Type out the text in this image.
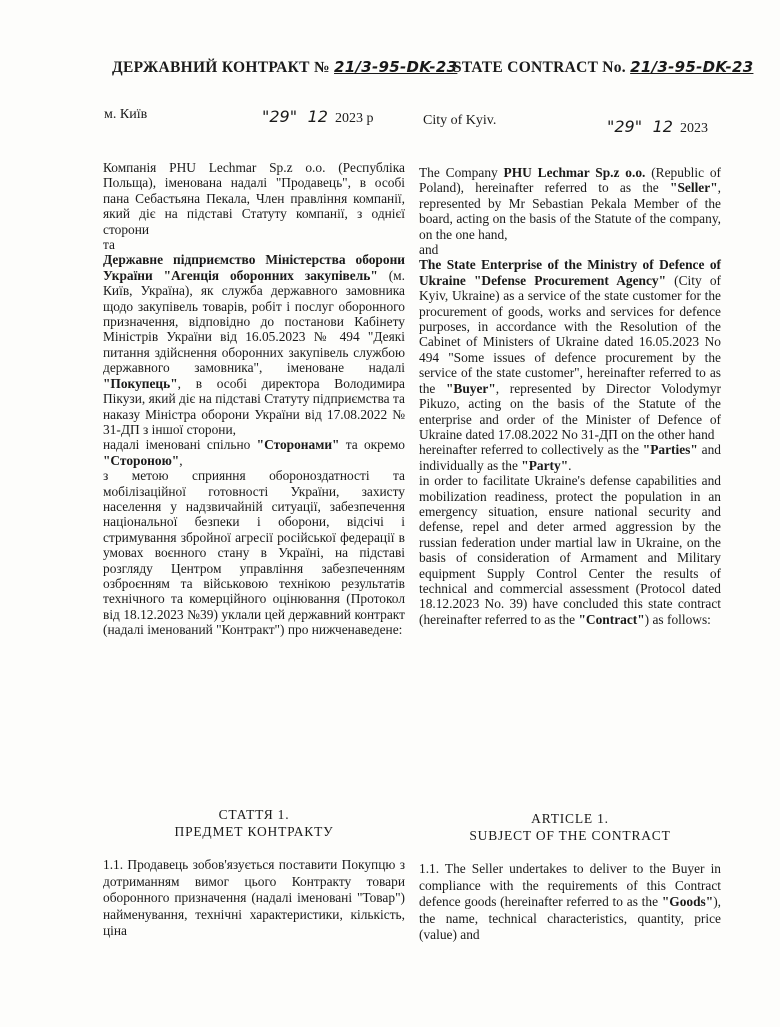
ДЕРЖАВНИЙ КОНТРАКТ № 21/3-95-DK-23
STATE CONTRACT No. 21/3-95-DK-23
м. Київ	"29" 12 2023 р	City of Kyiv.	"29" 12 2023

Компанія PHU Lechmar Sp.z o.o. (Республіка Польща), іменована надалі "Продавець", в особі пана Себастьяна Пекала, Член правління компанії, який діє на підставі Статуту компанії, з однієї сторони

та

Державне підприємство Міністерства оборони України "Агенція оборонних закупівель" (м. Київ, Україна), як служба державного замовника щодо закупівель товарів, робіт і послуг оборонного призначення, відповідно до постанови Кабінету Міністрів України від 16.05.2023 № 494 "Деякі питання здійснення оборонних закупівель службою державного замовника", іменоване надалі "Покупець", в особі директора Володимира Пікузи, який діє на підставі Статуту підприємства та наказу Міністра оборони України від 17.08.2022 № 31-ДП з іншої сторони,

надалі іменовані спільно "Сторонами" та окремо "Стороною",

з метою сприяння обороноздатності та мобілізаційної готовності України, захисту населення у надзвичайній ситуації, забезпечення національної безпеки і оборони, відсічі і стримування збройної агресії російської федерації в умовах воєнного стану в Україні, на підставі розгляду Центром управління забезпеченням озброєнням та військовою технікою результатів технічного та комерційного оцінювання (Протокол від 18.12.2023 №39) уклали цей державний контракт (надалі іменований "Контракт") про нижченаведене:

The Company PHU Lechmar Sp.z o.o. (Republic of Poland), hereinafter referred to as the "Seller", represented by Mr Sebastian Pekala Member of the board, acting on the basis of the Statute of the company, on the one hand,

and

The State Enterprise of the Ministry of Defence of Ukraine "Defense Procurement Agency" (City of Kyiv, Ukraine) as a service of the state customer for the procurement of goods, works and services for defence purposes, in accordance with the Resolution of the Cabinet of Ministers of Ukraine dated 16.05.2023 No 494 "Some issues of defence procurement by the service of the state customer", hereinafter referred to as the "Buyer", represented by Director Volodymyr Pikuzo, acting on the basis of the Statute of the enterprise and order of the Minister of Defence of Ukraine dated 17.08.2022 No 31-ДП on the other hand

hereinafter referred to collectively as the "Parties" and individually as the "Party".

in order to facilitate Ukraine's defense capabilities and mobilization readiness, protect the population in an emergency situation, ensure national security and defense, repel and deter armed aggression by the russian federation under martial law in Ukraine, on the basis of consideration of Armament and Military equipment Supply Control Center the results of technical and commercial assessment (Protocol dated 18.12.2023 No. 39) have concluded this state contract (hereinafter referred to as the "Contract") as follows:

СТАТТЯ 1.
ПРЕДМЕТ КОНТРАКТУ
ARTICLE 1.
SUBJECT OF THE CONTRACT
1.1. Продавець зобов'язується поставити Покупцю з дотриманням вимог цього Контракту товари оборонного призначення (надалі іменовані "Товар") найменування, технічні характеристики, кількість, ціна
1.1. The Seller undertakes to deliver to the Buyer in compliance with the requirements of this Contract defence goods (hereinafter referred to as the "Goods"), the name, technical characteristics, quantity, price (value) and
